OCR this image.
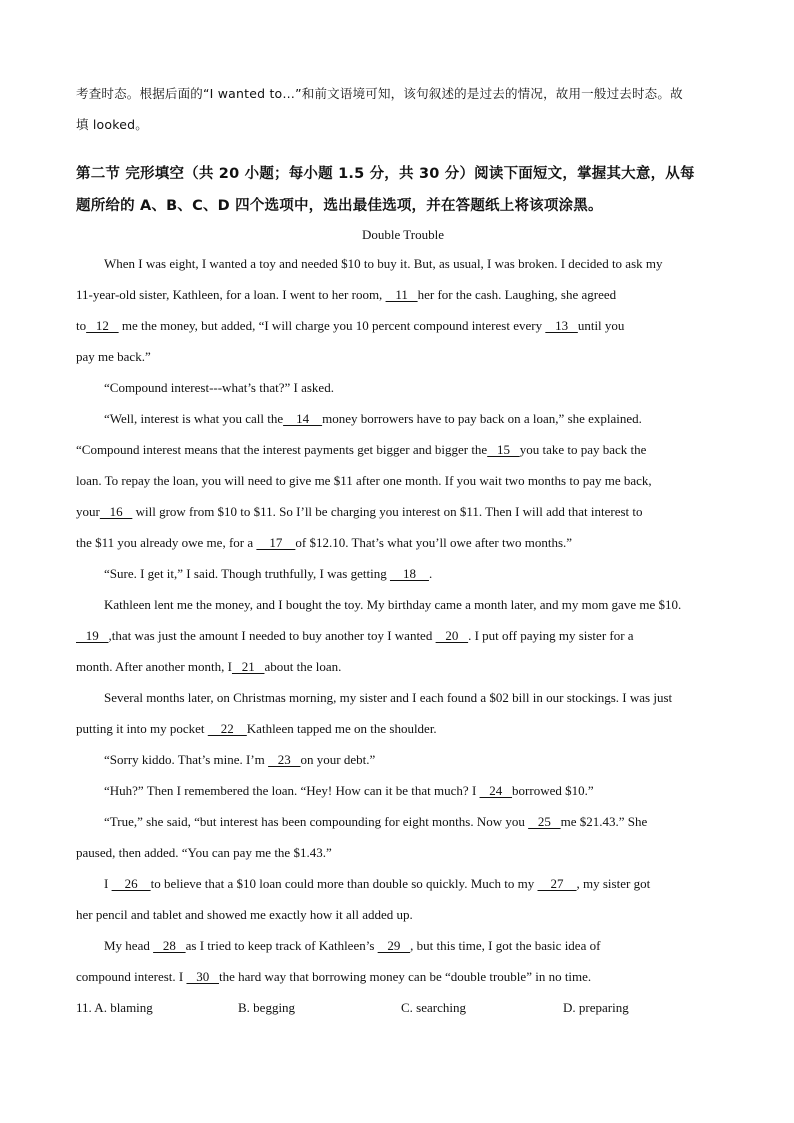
考查时态。根据后面的“I wanted to…”和前文语境可知，该句叙述的是过去的情况，故用一般过去时态。故
填 looked。
第二节 完形填空（共 20 小题；每小题 1.5 分，共 30 分）阅读下面短文，掌握其大意，从每
题所给的 A、B、C、D 四个选项中，选出最佳选项，并在答题纸上将该项涂黑。
Double Trouble
When I was eight, I wanted a toy and needed $10 to buy it. But, as usual, I was broken. I decided to ask my
11-year-old sister, Kathleen, for a loan. I went to her room,    11   her for the cash. Laughing, she agreed
to   12    me the money, but added, “I will charge you 10 percent compound interest every    13   until you
pay me back.”
“Compound interest---what’s that?” I asked.
“Well, interest is what you call the    14    money borrowers have to pay back on a loan,” she explained.
“Compound interest means that the interest payments get bigger and bigger the   15   you take to pay back the
loan. To repay the loan, you will need to give me $11 after one month. If you wait two months to pay me back,
your   16    will grow from $10 to $11. So I’ll be charging you interest on $11. Then I will add that interest to
the $11 you already owe me, for a     17    of $12.10. That’s what you’ll owe after two months.”
“Sure. I get it,” I said. Though truthfully, I was getting     18    .
Kathleen lent me the money, and I bought the toy. My birthday came a month later, and my mom gave me $10.
19   ,that was just the amount I needed to buy another toy I wanted    20   . I put off paying my sister for a
month. After another month, I   21   about the loan.
Several months later, on Christmas morning, my sister and I each found a $02 bill in our stockings. I was just
putting it into my pocket     22    Kathleen tapped me on the shoulder.
“Sorry kiddo. That’s mine. I’m    23   on your debt.”
“Huh?” Then I remembered the loan. “Hey! How can it be that much? I    24   borrowed $10.”
“True,” she said, “but interest has been compounding for eight months. Now you    25   me $21.43.” She
paused, then added. “You can pay me the $1.43.”
I     26    to believe that a $10 loan could more than double so quickly. Much to my     27    , my sister got
her pencil and tablet and showed me exactly how it all added up.
My head    28   as I tried to keep track of Kathleen’s    29   , but this time, I got the basic idea of
compound interest. I    30   the hard way that borrowing money can be “double trouble” in no time.
11. A. blaming	B. begging	C. searching	D. preparing
